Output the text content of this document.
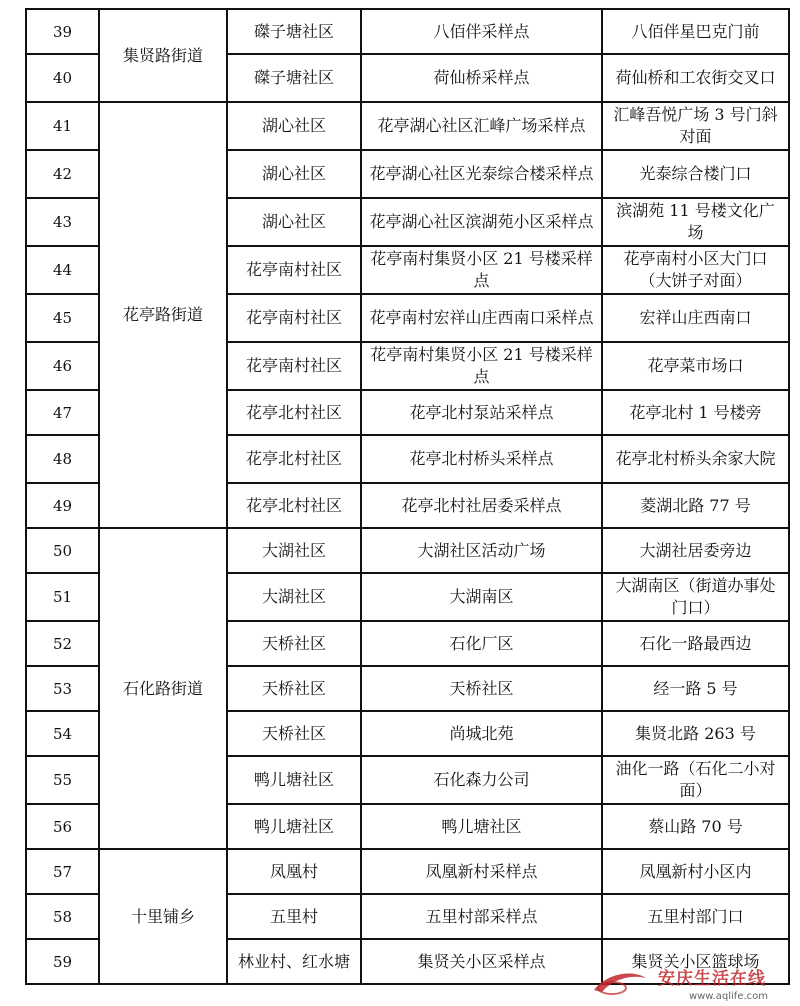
39	集贤路街道	磔子塘社区	八佰伴采样点	八佰伴星巴克门前
40		磔子塘社区	荷仙桥采样点	荷仙桥和工农街交叉口
41	花亭路街道	湖心社区	花亭湖心社区汇峰广场采样点	汇峰吾悦广场 3 号门斜对面
42		湖心社区	花亭湖心社区光泰综合楼采样点	光泰综合楼门口
43		湖心社区	花亭湖心社区滨湖苑小区采样点	滨湖苑 11 号楼文化广场
44		花亭南村社区	花亭南村集贤小区 21 号楼采样点	花亭南村小区大门口（大饼子对面）
45		花亭南村社区	花亭南村宏祥山庄西南口采样点	宏祥山庄西南口
46		花亭南村社区	花亭南村集贤小区 21 号楼采样点	花亭菜市场口
47		花亭北村社区	花亭北村泵站采样点	花亭北村 1 号楼旁
48		花亭北村社区	花亭北村桥头采样点	花亭北村桥头余家大院
49		花亭北村社区	花亭北村社居委采样点	菱湖北路 77 号
50	石化路街道	大湖社区	大湖社区活动广场	大湖社居委旁边
51		大湖社区	大湖南区	大湖南区（街道办事处门口）
52		天桥社区	石化厂区	石化一路最西边
53		天桥社区	天桥社区	经一路 5 号
54		天桥社区	尚城北苑	集贤北路 263 号
55		鸭儿塘社区	石化森力公司	油化一路（石化二小对面）
56		鸭儿塘社区	鸭儿塘社区	蔡山路 70 号
57	十里铺乡	凤凰村	凤凰新村采样点	凤凰新村小区内
58		五里村	五里村部采样点	五里村部门口
59		林业村、红水塘	集贤关小区采样点	集贤关小区篮球场
安庆生活在线
www.aqlife.com
